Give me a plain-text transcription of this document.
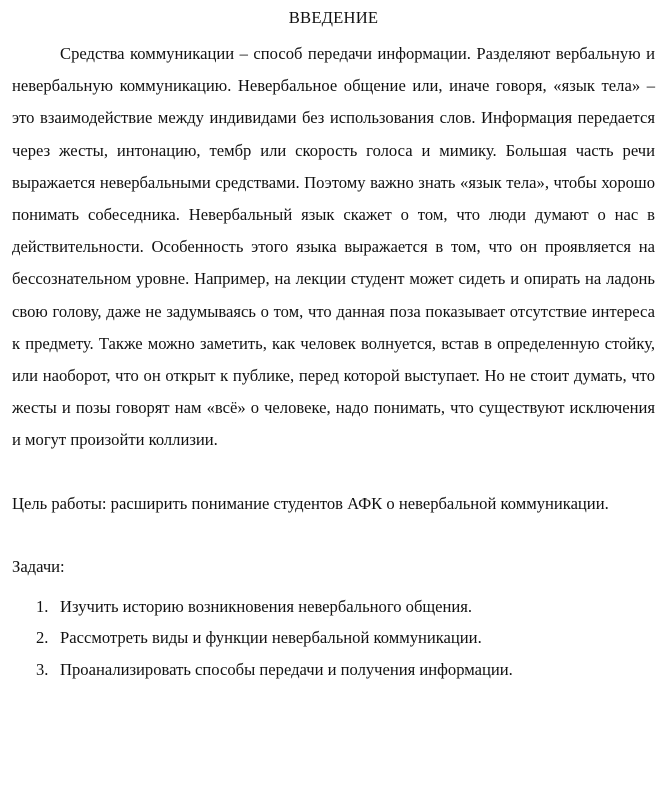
ВВЕДЕНИЕ

Средства коммуникации – способ передачи информации. Разделяют вербальную и невербальную коммуникацию. Невербальное общение или, иначе говоря, «язык тела» – это взаимодействие между индивидами без использования слов. Информация передается через жесты, интонацию, тембр или скорость голоса и мимику. Большая часть речи выражается невербальными средствами. Поэтому важно знать «язык тела», чтобы хорошо понимать собеседника. Невербальный язык скажет о том, что люди думают о нас в действительности. Особенность этого языка выражается в том, что он проявляется на бессознательном уровне. Например, на лекции студент может сидеть и опирать на ладонь свою голову, даже не задумываясь о том, что данная поза показывает отсутствие интереса к предмету. Также можно заметить, как человек волнуется, встав в определенную стойку, или наоборот, что он открыт к публике, перед которой выступает. Но не стоит думать, что жесты и позы говорят нам «всё» о человеке, надо понимать, что существуют исключения и могут произойти коллизии.

Цель работы: расширить понимание студентов АФК о невербальной коммуникации.

Задачи:

1. Изучить историю возникновения невербального общения.
2. Рассмотреть виды и функции невербальной коммуникации.
3. Проанализировать способы передачи и получения информации.
